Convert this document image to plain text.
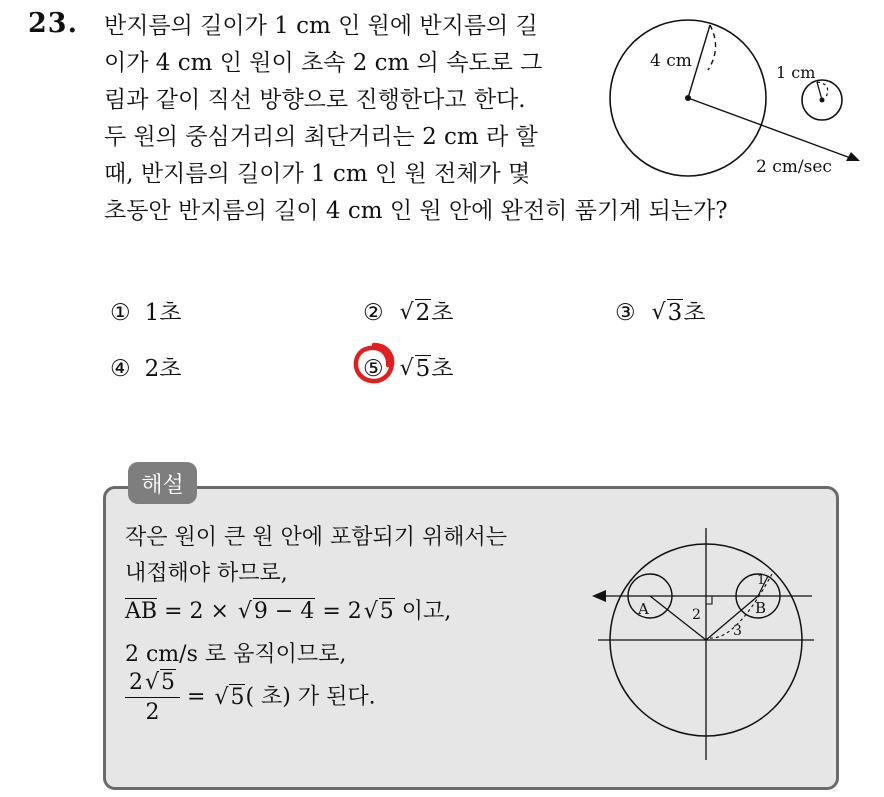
23. 반지름의 길이가 1 cm 인 원에 반지름의 길
이가 4 cm 인 원이 초속 2 cm 의 속도로 그
림과 같이 직선 방향으로 진행한다고 한다.
두 원의 중심거리의 최단거리는 2 cm 라 할
때, 반지름의 길이가 1 cm 인 원 전체가 몇
초동안 반지름의 길이 4 cm 인 원 안에 완전히 품기게 되는가?
4 cm
1 cm
2 cm/sec
① 1초	② √ 2초	③ √ 3초
④ 2초	⑤ √ 5초
해설
작은 원이 큰 원 안에 포함되기 위해서는
내접해야 하므로,
AB = 2 × √ 9 − 4 = 2 √ 5 이고,
2 cm/s 로 움직이므로,
$\frac{2 √ 5}{2}$ = √ 5( 초) 가 된다.
A	B
1
2
3
